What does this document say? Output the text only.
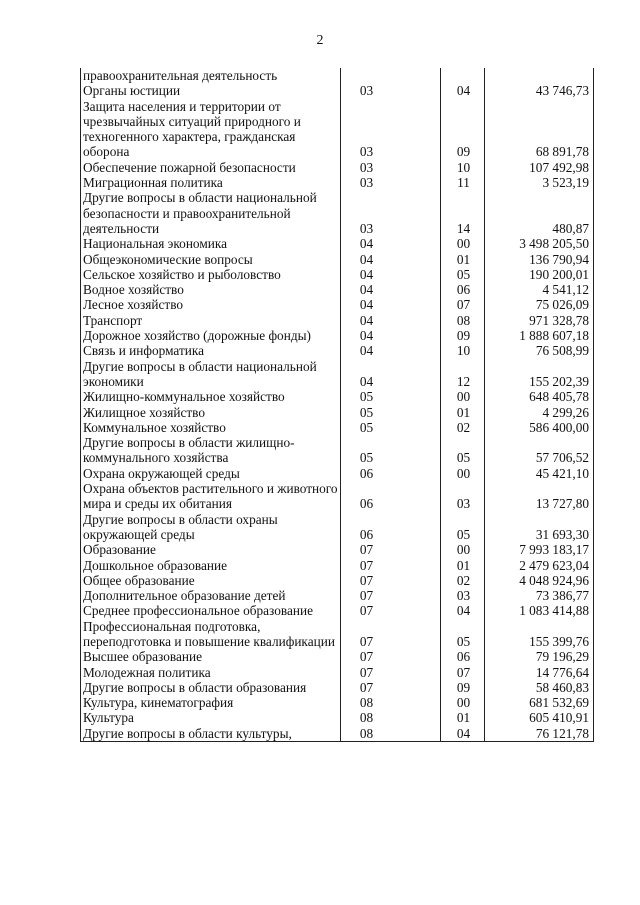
2
правоохранительная деятельность			
Органы юстиции	03	04	43 746,73
Защита населения и территории от чрезвычайных ситуаций природного и техногенного характера, гражданская оборона	03	09	68 891,78
Обеспечение пожарной безопасности	03	10	107 492,98
Миграционная политика	03	11	3 523,19
Другие вопросы в области национальной безопасности и правоохранительной деятельности	03	14	480,87
Национальная экономика	04	00	3 498 205,50
Общеэкономические вопросы	04	01	136 790,94
Сельское хозяйство и рыболовство	04	05	190 200,01
Водное хозяйство	04	06	4 541,12
Лесное хозяйство	04	07	75 026,09
Транспорт	04	08	971 328,78
Дорожное хозяйство (дорожные фонды)	04	09	1 888 607,18
Связь и информатика	04	10	76 508,99
Другие вопросы в области национальной экономики	04	12	155 202,39
Жилищно-коммунальное хозяйство	05	00	648 405,78
Жилищное хозяйство	05	01	4 299,26
Коммунальное хозяйство	05	02	586 400,00
Другие вопросы в области жилищно-коммунального хозяйства	05	05	57 706,52
Охрана окружающей среды	06	00	45 421,10
Охрана объектов растительного и животного мира и среды их обитания	06	03	13 727,80
Другие вопросы в области охраны окружающей среды	06	05	31 693,30
Образование	07	00	7 993 183,17
Дошкольное образование	07	01	2 479 623,04
Общее образование	07	02	4 048 924,96
Дополнительное образование детей	07	03	73 386,77
Среднее профессиональное образование	07	04	1 083 414,88
Профессиональная подготовка, переподготовка и повышение квалификации	07	05	155 399,76
Высшее образование	07	06	79 196,29
Молодежная политика	07	07	14 776,64
Другие вопросы в области образования	07	09	58 460,83
Культура, кинематография	08	00	681 532,69
Культура	08	01	605 410,91
Другие вопросы в области культуры,	08	04	76 121,78
